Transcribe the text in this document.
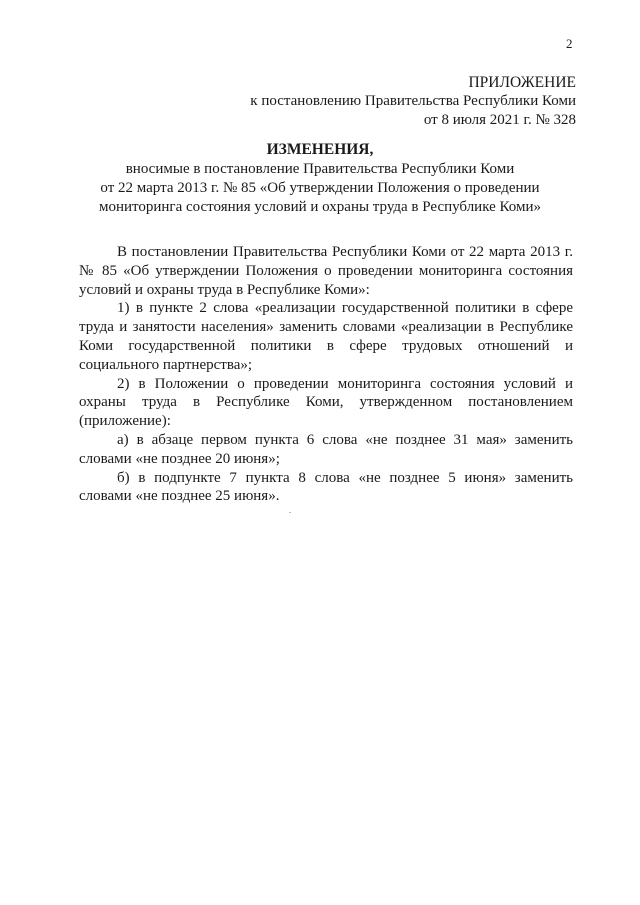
2
ПРИЛОЖЕНИЕ
к постановлению Правительства Республики Коми
от 8 июля 2021 г. № 328
ИЗМЕНЕНИЯ,
вносимые в постановление Правительства Республики Коми
от 22 марта 2013 г. № 85 «Об утверждении Положения о проведении
мониторинга состояния условий и охраны труда в Республике Коми»

В постановлении Правительства Республики Коми от 22 марта 2013 г. № 85 «Об утверждении Положения о проведении мониторинга состояния условий и охраны труда в Республике Коми»:

1) в пункте 2 слова «реализации государственной политики в сфере труда и занятости населения» заменить словами «реализации в Республике Коми государственной политики в сфере трудовых отношений и социального партнерства»;

2) в Положении о проведении мониторинга состояния условий и охраны труда в Республике Коми, утвержденном постановлением (приложение):

а) в абзаце первом пункта 6 слова «не позднее 31 мая» заменить словами «не позднее 20 июня»;

б) в подпункте 7 пункта 8 слова «не позднее 5 июня» заменить словами «не позднее 25 июня».
